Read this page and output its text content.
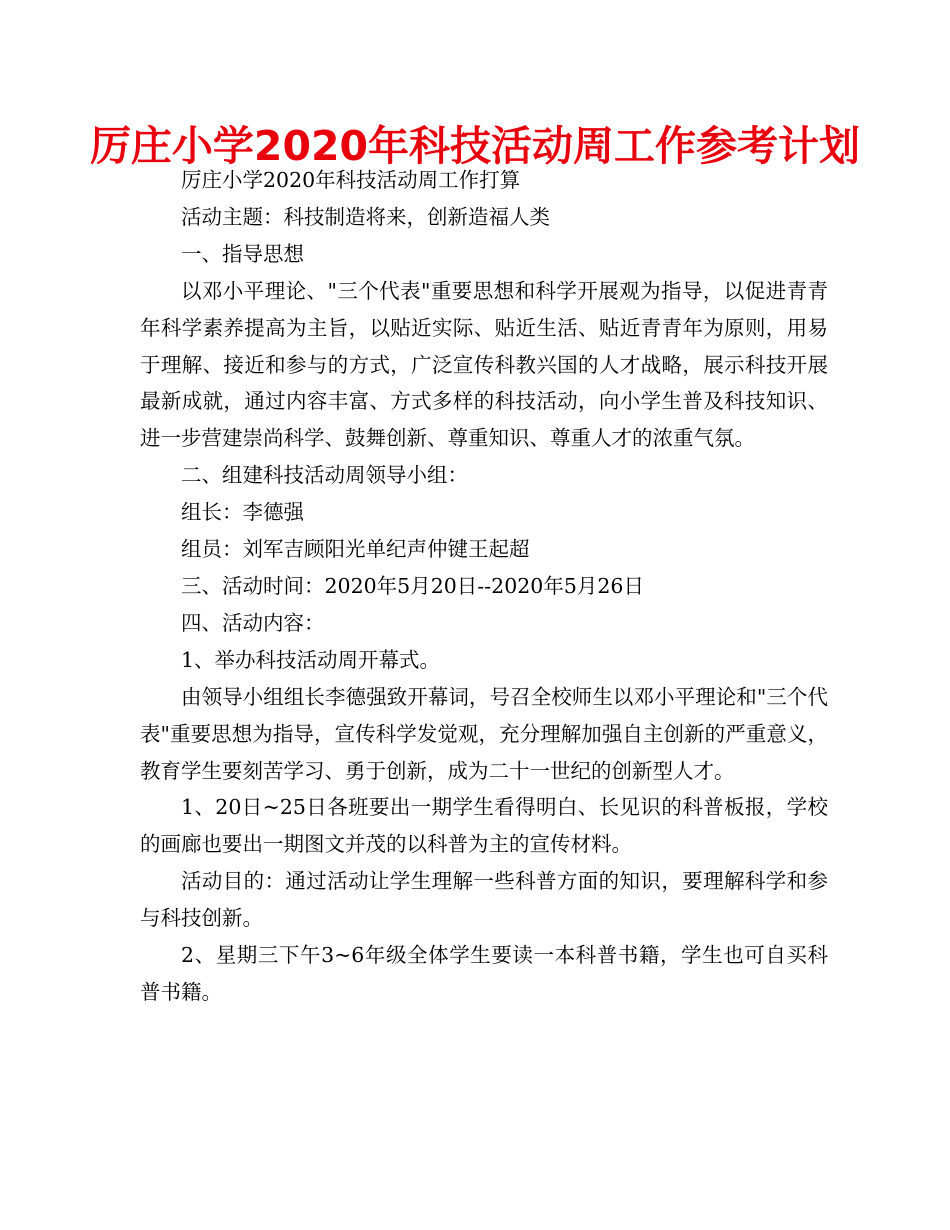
厉庄小学2020年科技活动周工作参考计划

厉庄小学2020年科技活动周工作打算

活动主题：科技制造将来，创新造福人类

一、指导思想

以邓小平理论、"三个代表"重要思想和科学开展观为指导，以促进青青年科学素养提高为主旨，以贴近实际、贴近生活、贴近青青年为原则，用易于理解、接近和参与的方式，广泛宣传科教兴国的人才战略，展示科技开展最新成就，通过内容丰富、方式多样的科技活动，向小学生普及科技知识、进一步营建崇尚科学、鼓舞创新、尊重知识、尊重人才的浓重气氛。

二、组建科技活动周领导小组：

组长：李德强

组员：刘军吉顾阳光单纪声仲键王起超

三、活动时间：2020年5月20日--2020年5月26日

四、活动内容：

1、举办科技活动周开幕式。

由领导小组组长李德强致开幕词，号召全校师生以邓小平理论和"三个代表"重要思想为指导，宣传科学发觉观，充分理解加强自主创新的严重意义，教育学生要刻苦学习、勇于创新，成为二十一世纪的创新型人才。

1、20日~25日各班要出一期学生看得明白、长见识的科普板报，学校的画廊也要出一期图文并茂的以科普为主的宣传材料。

活动目的：通过活动让学生理解一些科普方面的知识，要理解科学和参与科技创新。

2、星期三下午3~6年级全体学生要读一本科普书籍，学生也可自买科普书籍。
